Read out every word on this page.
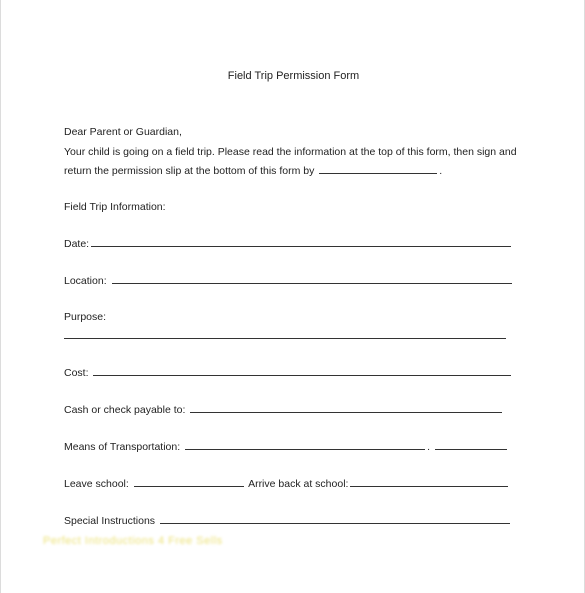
Field Trip Permission Form
Dear Parent or Guardian,
Your child is going on a field trip. Please read the information at the top of this form, then sign and
return the permission slip at the bottom of this form by	.
Field Trip Information:
Date:
Location:
Purpose:
Cost:
Cash or check payable to:
Means of Transportation:	.
Leave school:	Arrive back at school:
Special Instructions
Perfect Introductions 4 Free Sells
